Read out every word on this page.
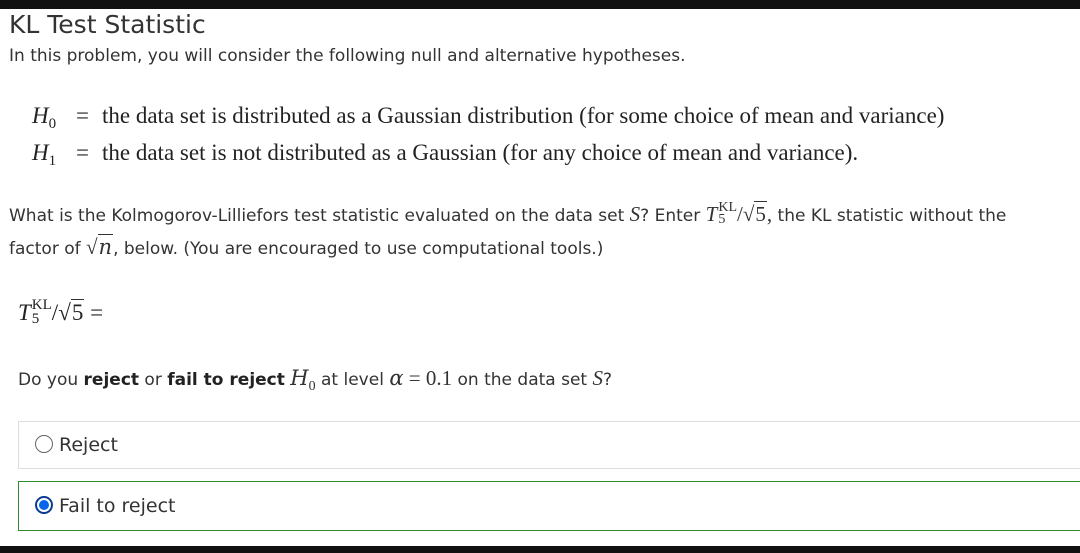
KL Test Statistic
In this problem, you will consider the following null and alternative hypotheses.
$H_0$ = the data set is distributed as a Gaussian distribution (for some choice of mean and variance)
$H_1$ = the data set is not distributed as a Gaussian (for any choice of mean and variance).
What is the Kolmogorov-Lilliefors test statistic evaluated on the data set S? Enter T KL
5 /√5, the KL statistic without the factor of √n, below. (You are encouraged to use computational tools.)
T KL
5 /√5 =
Do you reject or fail to reject $H_0$ at level α = 0.1 on the data set S?
Reject
Fail to reject
